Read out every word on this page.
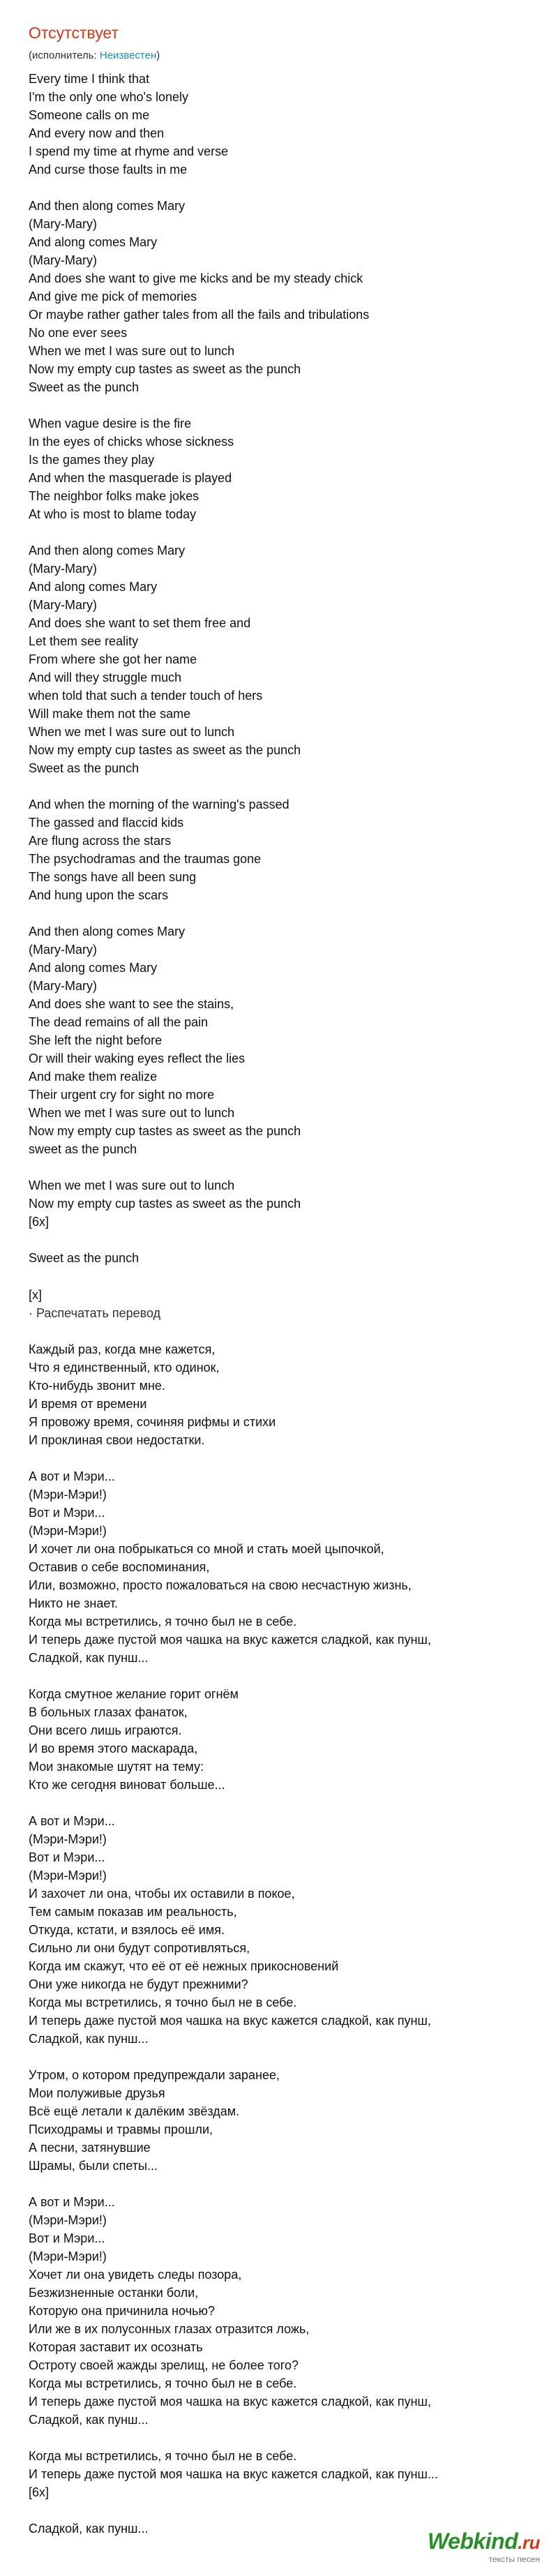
Отсутствует
(исполнитель: Неизвестен)
Every time I think that
I'm the only one who's lonely
Someone calls on me
And every now and then
I spend my time at rhyme and verse
And curse those faults in me

And then along comes Mary
(Mary-Mary)
And along comes Mary
(Mary-Mary)
And does she want to give me kicks and be my steady chick
And give me pick of memories
Or maybe rather gather tales from all the fails and tribulations
No one ever sees
When we met I was sure out to lunch
Now my empty cup tastes as sweet as the punch
Sweet as the punch

When vague desire is the fire
In the eyes of chicks whose sickness
Is the games they play
And when the masquerade is played
The neighbor folks make jokes
At who is most to blame today

And then along comes Mary
(Mary-Mary)
And along comes Mary
(Mary-Mary)
And does she want to set them free and
Let them see reality
From where she got her name
And will they struggle much
when told that such a tender touch of hers
Will make them not the same
When we met I was sure out to lunch
Now my empty cup tastes as sweet as the punch
Sweet as the punch

And when the morning of the warning's passed
The gassed and flaccid kids
Are flung across the stars
The psychodramas and the traumas gone
The songs have all been sung
And hung upon the scars

And then along comes Mary
(Mary-Mary)
And along comes Mary
(Mary-Mary)
And does she want to see the stains,
The dead remains of all the pain
She left the night before
Or will their waking eyes reflect the lies
And make them realize
Their urgent cry for sight no more
When we met I was sure out to lunch
Now my empty cup tastes as sweet as the punch
sweet as the punch

When we met I was sure out to lunch
Now my empty cup tastes as sweet as the punch
[6x]

Sweet as the punch
[x]
· Распечатать перевод
Каждый раз, когда мне кажется,
Что я единственный, кто одинок,
Кто-нибудь звонит мне.
И время от времени
Я провожу время, сочиняя рифмы и стихи
И проклиная свои недостатки.

А вот и Мэри...
(Мэри-Мэри!)
Вот и Мэри...
(Мэри-Мэри!)
И хочет ли она побрыкаться со мной и стать моей цыпочкой,
Оставив о себе воспоминания,
Или, возможно, просто пожаловаться на свою несчастную жизнь,
Никто не знает.
Когда мы встретились, я точно был не в себе.
И теперь даже пустой моя чашка на вкус кажется сладкой, как пунш,
Сладкой, как пунш...

Когда смутное желание горит огнём
В больных глазах фанаток,
Они всего лишь играются.
И во время этого маскарада,
Мои знакомые шутят на тему:
Кто же сегодня виноват больше...

А вот и Мэри...
(Мэри-Мэри!)
Вот и Мэри...
(Мэри-Мэри!)
И захочет ли она, чтобы их оставили в покое,
Тем самым показав им реальность,
Откуда, кстати, и взялось её имя.
Сильно ли они будут сопротивляться,
Когда им скажут, что её от её нежных прикосновений
Они уже никогда не будут прежними?
Когда мы встретились, я точно был не в себе.
И теперь даже пустой моя чашка на вкус кажется сладкой, как пунш,
Сладкой, как пунш...

Утром, о котором предупреждали заранее,
Мои полуживые друзья
Всё ещё летали к далёким звёздам.
Психодрамы и травмы прошли,
А песни, затянувшие
Шрамы, были спеты...

А вот и Мэри...
(Мэри-Мэри!)
Вот и Мэри...
(Мэри-Мэри!)
Хочет ли она увидеть следы позора,
Безжизненные останки боли,
Которую она причинила ночью?
Или же в их полусонных глазах отразится ложь,
Которая заставит их осознать
Остроту своей жажды зрелищ, не более того?
Когда мы встретились, я точно был не в себе.
И теперь даже пустой моя чашка на вкус кажется сладкой, как пунш,
Сладкой, как пунш...

Когда мы встретились, я точно был не в себе.
И теперь даже пустой моя чашка на вкус кажется сладкой, как пунш...
[6x]

Сладкой, как пунш...	Webkind.ru
тексты песен
